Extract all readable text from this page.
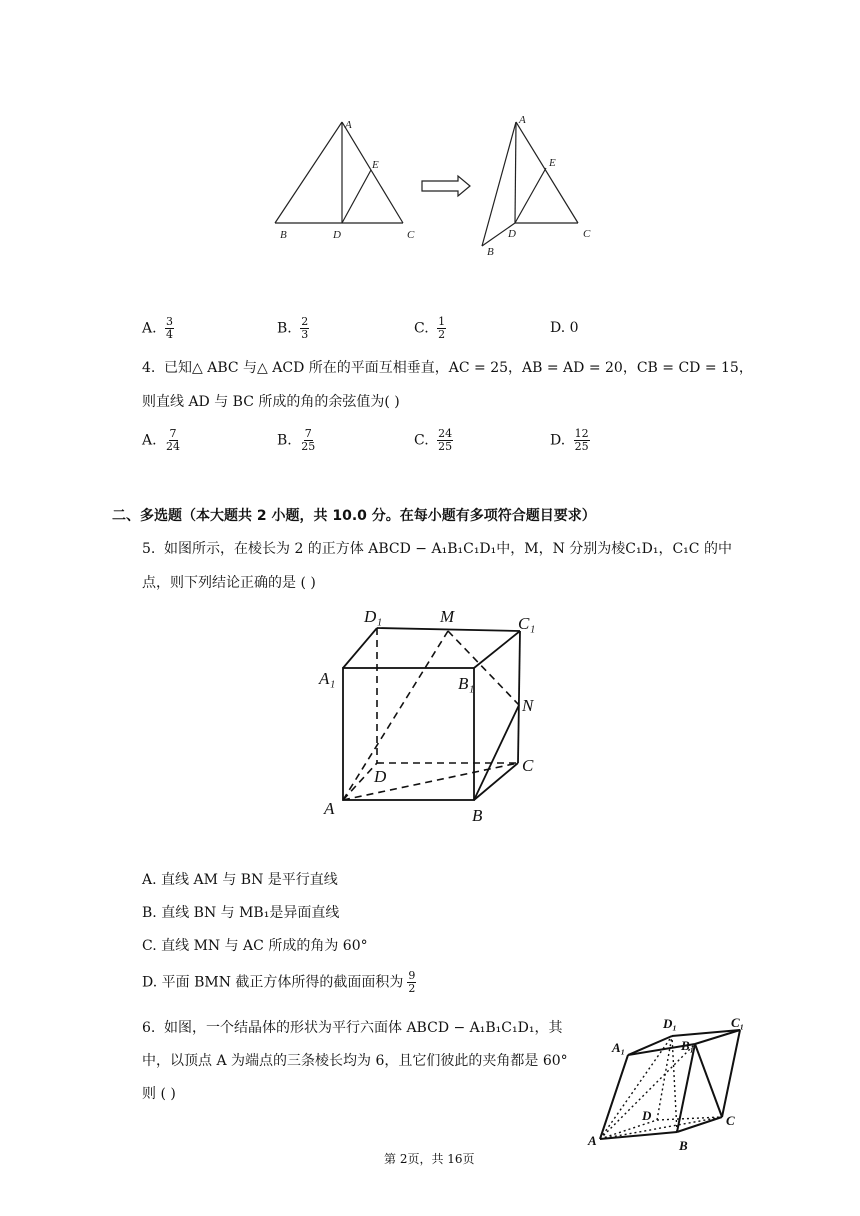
A
E
B	D	C
A
E
D	C
B
A. $\frac{3}{4}$	B. $\frac{2}{3}$	C. $\frac{1}{2}$	D. 0
4. 已知△ ABC 与△ ACD 所在的平面互相垂直，AC = 25，AB = AD = 20，CB = CD = 15，
则直线 AD 与 BC 所成的角的余弦值为( )
A. $\frac{7}{24}$	B. $\frac{7}{25}$	C. $\frac{24}{25}$	D. $\frac{12}{25}$
二、多选题（本大题共 2 小题，共 10.0 分。在每小题有多项符合题目要求）
5. 如图所示，在棱长为 2 的正方体 ABCD − A₁B₁C₁D₁中，M，N 分别为棱C₁D₁，C₁C 的中
点，则下列结论正确的是 ( )
D₁	M	C₁
A₁	B₁
N
D
C
A	B
A. 直线 AM 与 BN 是平行直线
B. 直线 BN 与 MB₁是异面直线
C. 直线 MN 与 AC 所成的角为 60°
D. 平面 BMN 截正方体所得的截面面积为 $\frac{9}{2}$
6. 如图，一个结晶体的形状为平行六面体 ABCD − A₁B₁C₁D₁，其
中，以顶点 A 为端点的三条棱长均为 6，且它们彼此的夹角都是 60°
则 ( )
D₁	C₁
A₁	B₁
D	C
A	B
第 2页，共 16页
